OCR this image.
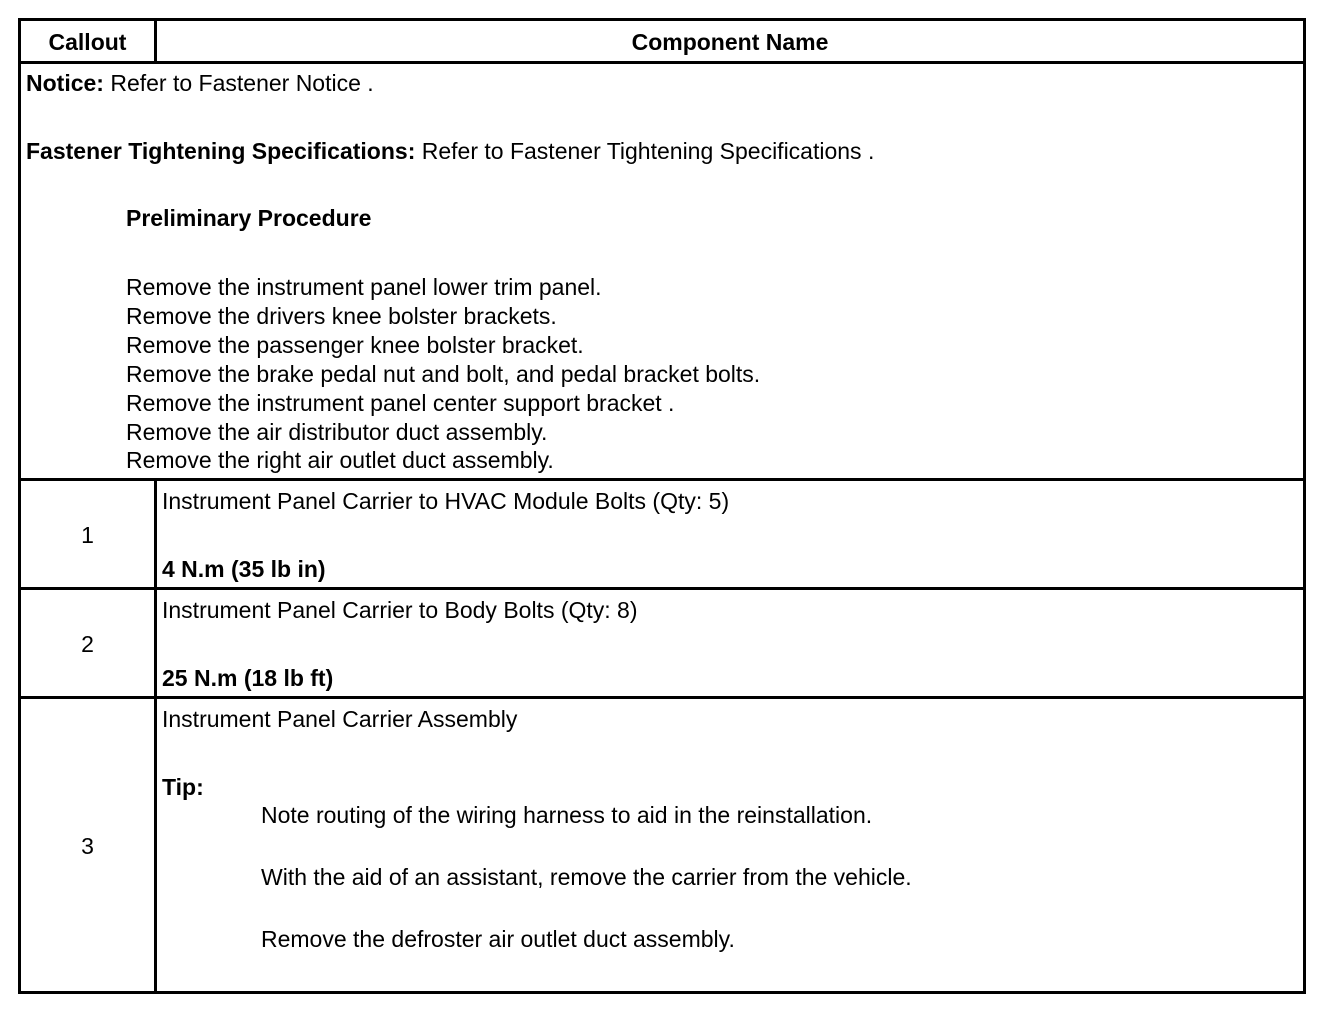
Callout	Component Name
Notice: Refer to Fastener Notice .
Fastener Tightening Specifications: Refer to Fastener Tightening Specifications .
Preliminary Procedure
Remove the instrument panel lower trim panel.
Remove the drivers knee bolster brackets.
Remove the passenger knee bolster bracket.
Remove the brake pedal nut and bolt, and pedal bracket bolts.
Remove the instrument panel center support bracket .
Remove the air distributor duct assembly.
Remove the right air outlet duct assembly.
1
Instrument Panel Carrier to HVAC Module Bolts (Qty: 5)
4 N.m (35 lb in)
2
Instrument Panel Carrier to Body Bolts (Qty: 8)
25 N.m (18 lb ft)
3
Instrument Panel Carrier Assembly
Tip:
Note routing of the wiring harness to aid in the reinstallation.
With the aid of an assistant, remove the carrier from the vehicle.
Remove the defroster air outlet duct assembly.
